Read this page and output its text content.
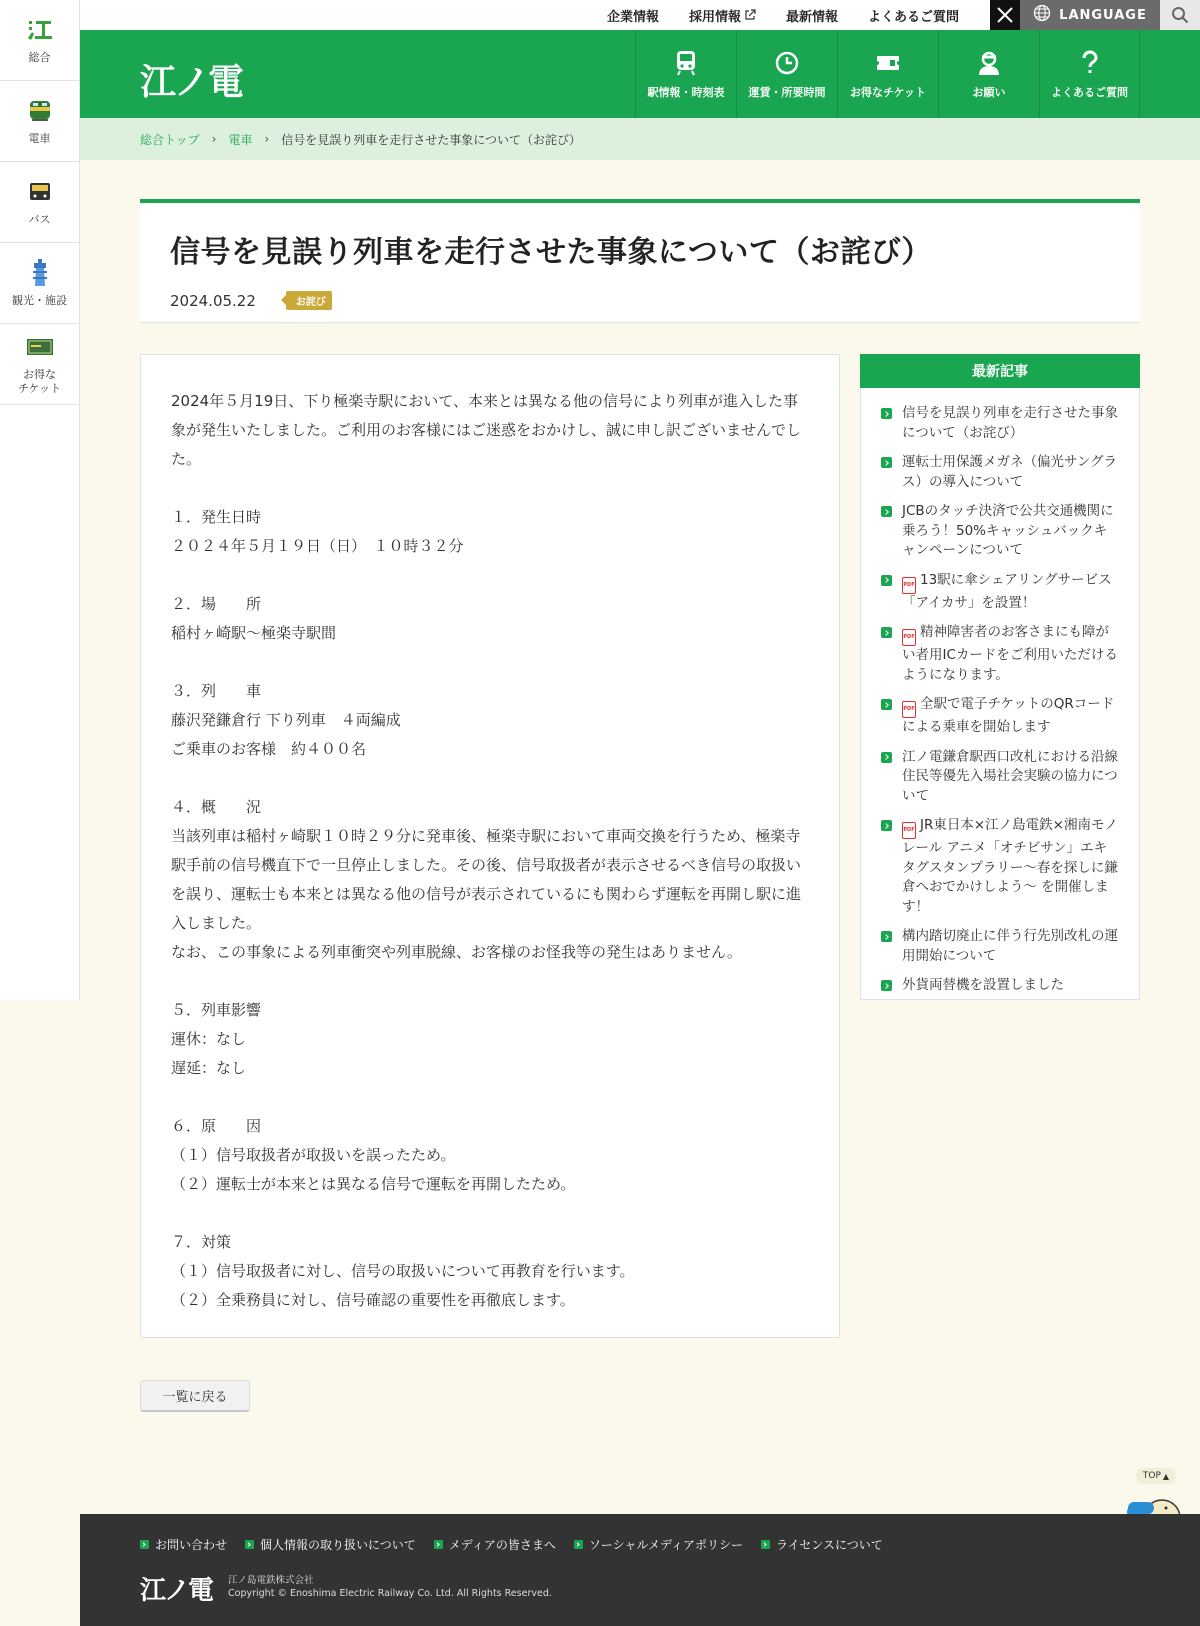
総合
電車
バス
観光・施設
お得な
チケット
企業情報	採用情報	最新情報	よくあるご質問	LANGUAGE
江ノ電	駅情報・時刻表 運賃・所要時間 お得なチケット	お願い	よくあるご質問
総合トップ › 電車 › 信号を見誤り列車を走行させた事象について（お詫び）
信号を見誤り列車を走行させた事象について（お詫び）
2024.05.22	お詫び

2024年５月19日、下り極楽寺駅において、本来とは異なる他の信号により列車が進入した事象が発生いたしました。ご利用のお客様にはご迷惑をおかけし、誠に申し訳ございませんでした。

１．発生日時
２０２４年５月１９日（日）　１０時３２分

２．場　　所
稲村ヶ崎駅～極楽寺駅間

３．列　　車
藤沢発鎌倉行 下り列車　４両編成
ご乗車のお客様　約４００名

４．概　　況
当該列車は稲村ヶ崎駅１０時２９分に発車後、極楽寺駅において車両交換を行うため、極楽寺駅手前の信号機直下で一旦停止しました。その後、信号取扱者が表示させるべき信号の取扱いを誤り、運転士も本来とは異なる他の信号が表示されているにも関わらず運転を再開し駅に進入しました。
なお、この事象による列車衝突や列車脱線、お客様のお怪我等の発生はありません。

５．列車影響
運休：なし
遅延：なし

６．原　　因
（１）信号取扱者が取扱いを誤ったため。
（２）運転士が本来とは異なる信号で運転を再開したため。

７．対策
（１）信号取扱者に対し、信号の取扱いについて再教育を行います。
（２）全乗務員に対し、信号確認の重要性を再徹底します。

最新記事
信号を見誤り列車を走行させた事象について（お詫び）
運転士用保護メガネ（偏光サングラス）の導入について
JCBのタッチ決済で公共交通機関に乗ろう！50%キャッシュバックキャンペーンについて
PDF 13駅に傘シェアリングサービス「アイカサ」を設置！
PDF 精神障害者のお客さまにも障がい者用ICカードをご利用いただけるようになります。
PDF 全駅で電子チケットのQRコードによる乗車を開始します
江ノ電鎌倉駅西口改札における沿線住民等優先入場社会実験の協力について
PDF JR東日本×江ノ島電鉄×湘南モノレール アニメ「オチビサン」エキタグスタンプラリー～春を探しに鎌倉へおでかけしよう～ を開催します！
構内踏切廃止に伴う行先別改札の運用開始について
外貨両替機を設置しました
一覧に戻る
TOP ▲
お問い合わせ	個人情報の取り扱いについて	メディアの皆さまへ	ソーシャルメディアポリシー	ライセンスについて
江ノ電 江ノ島電鉄株式会社
Copyright © Enoshima Electric Railway Co. Ltd. All Rights Reserved.
